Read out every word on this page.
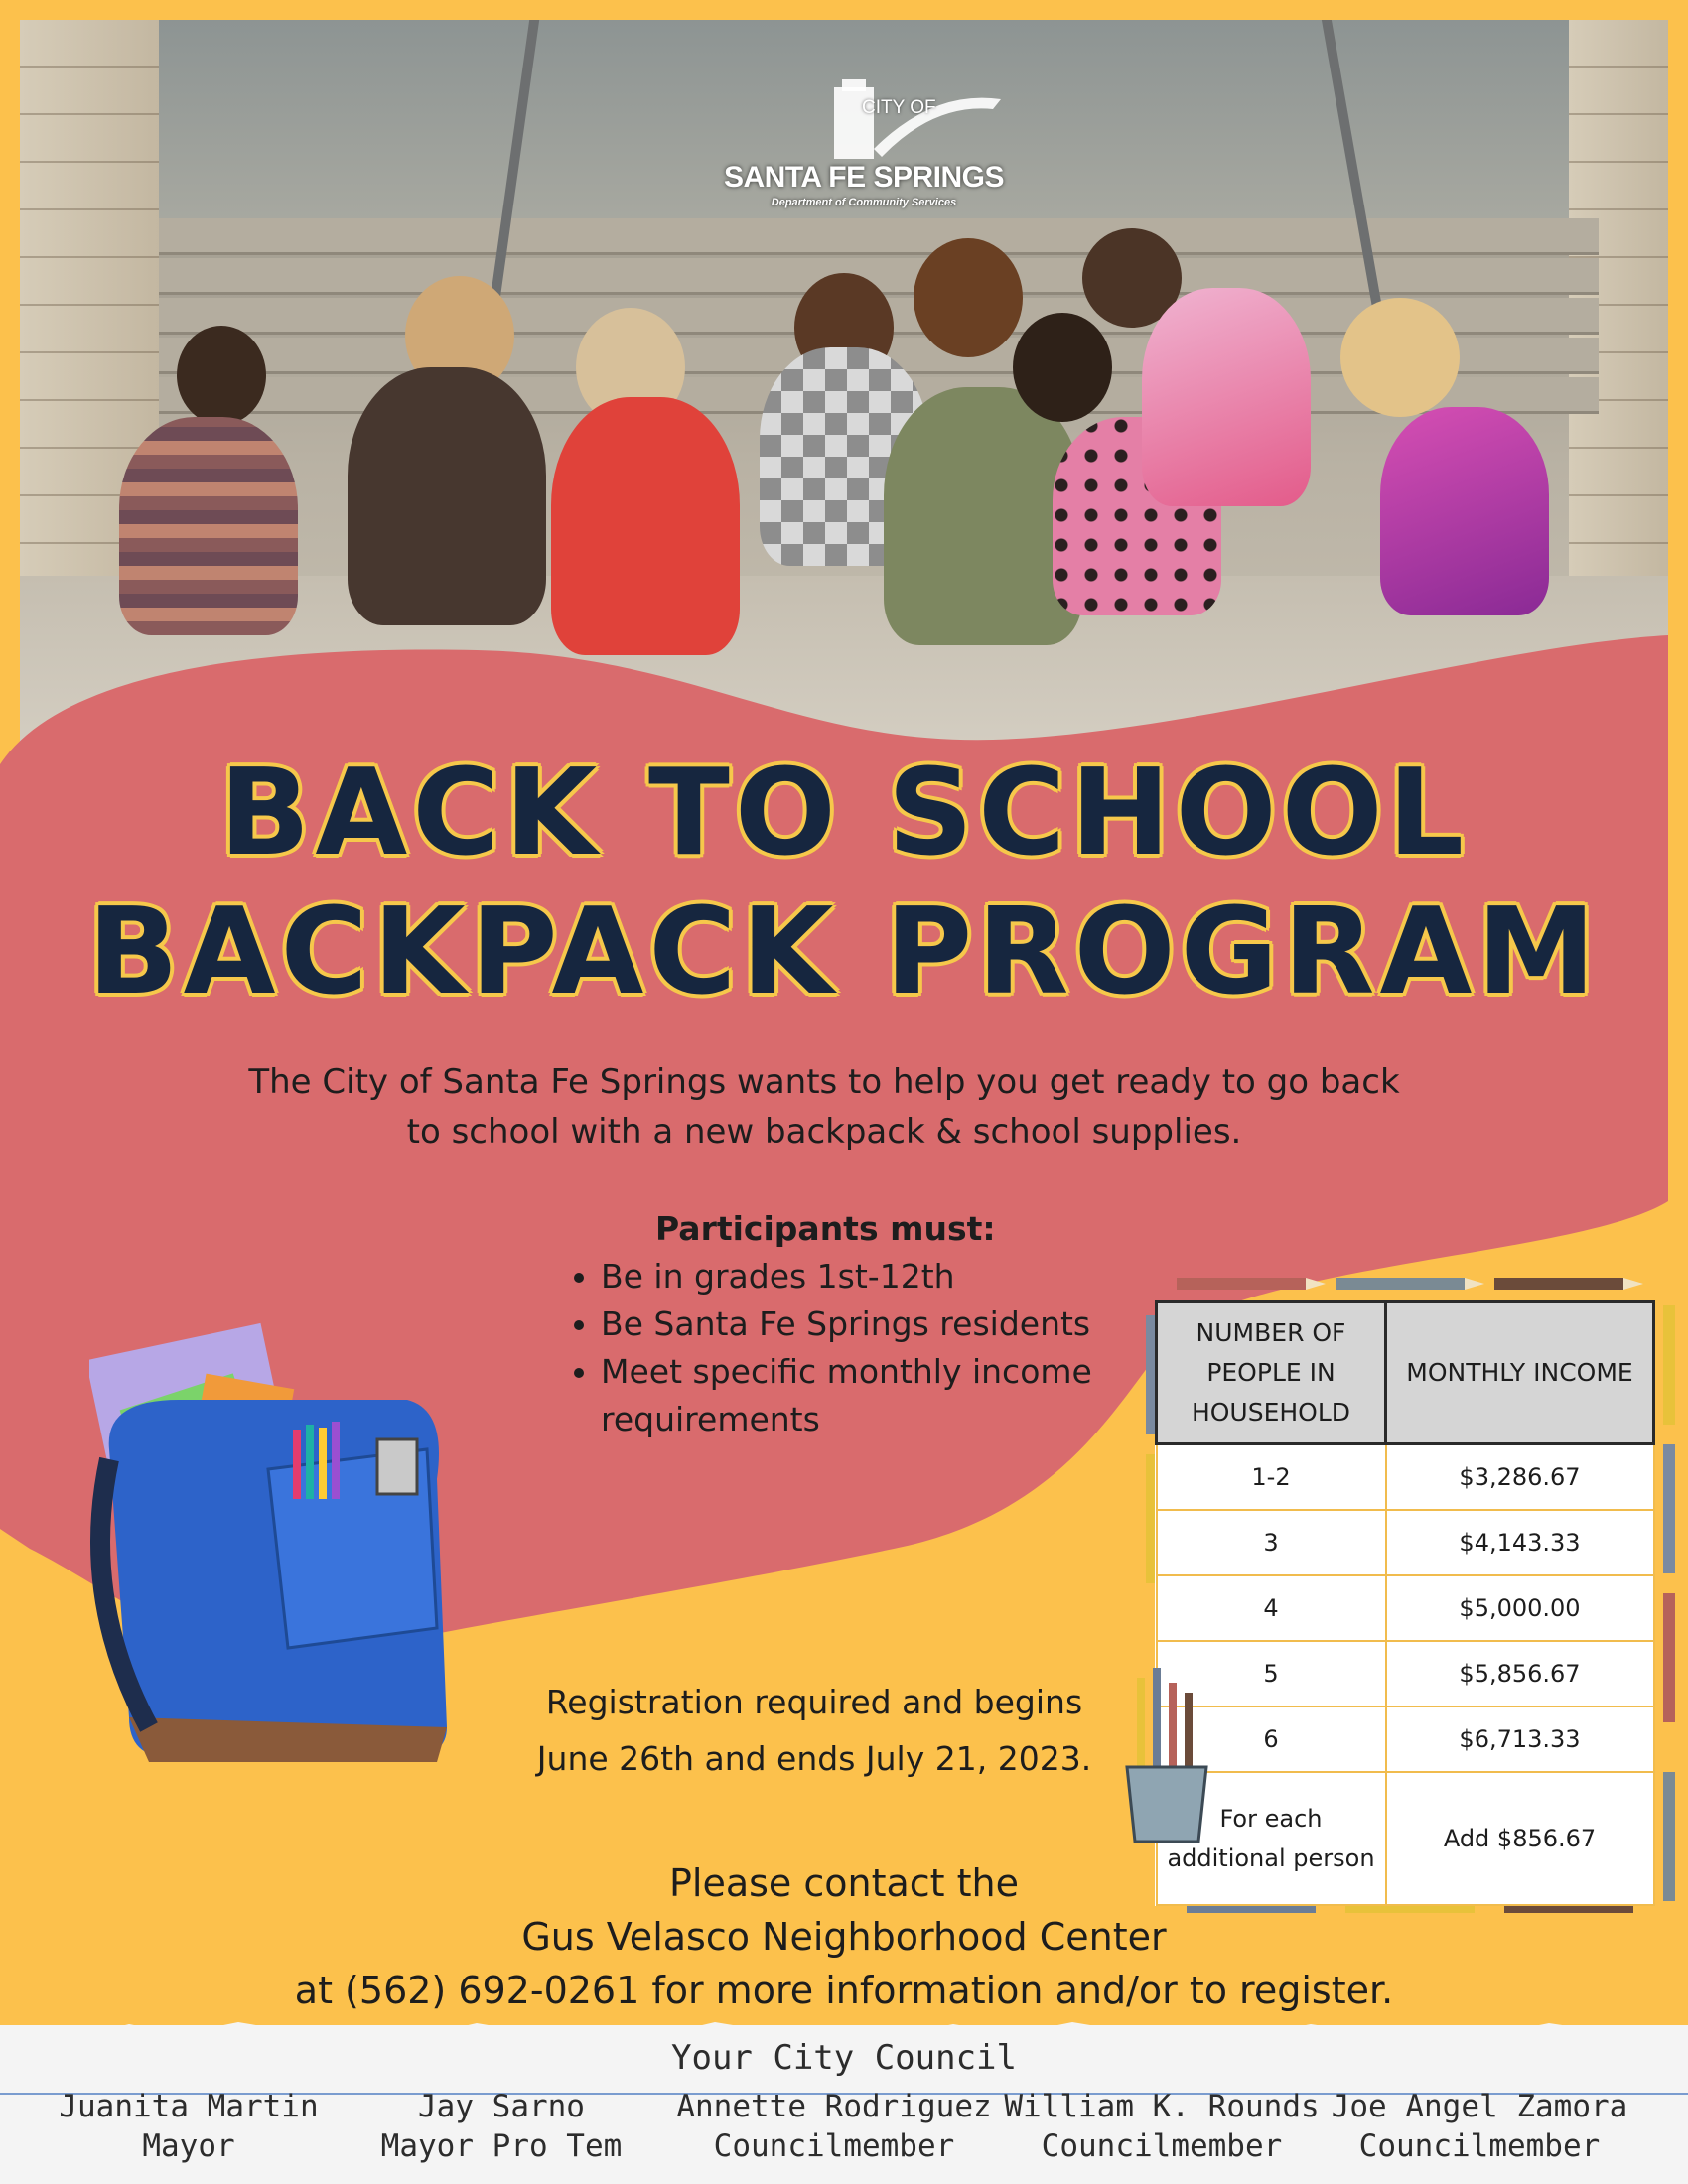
CITY OF
SANTA FE SPRINGS
Department of Community Services
BACK TO SCHOOL
BACKPACK PROGRAM
The City of Santa Fe Springs wants to help you get ready to go back to school with a new backpack & school supplies.
Participants must:
• Be in grades 1st-12th
• Be Santa Fe Springs residents
• Meet specific monthly income requirements
NUMBER OF PEOPLE IN HOUSEHOLD	MONTHLY INCOME
1-2	$3,286.67
3	$4,143.33
4	$5,000.00
5	$5,856.67
6	$6,713.33
For each additional person	Add $856.67
Registration required and begins June 26th and ends July 21, 2023.
Please contact the
Gus Velasco Neighborhood Center
at (562) 692-0261 for more information and/or to register.
Your City Council
Juanita Martin
Mayor
Jay Sarno
Mayor Pro Tem
Annette Rodriguez
Councilmember
William K. Rounds
Councilmember
Joe Angel Zamora
Councilmember
